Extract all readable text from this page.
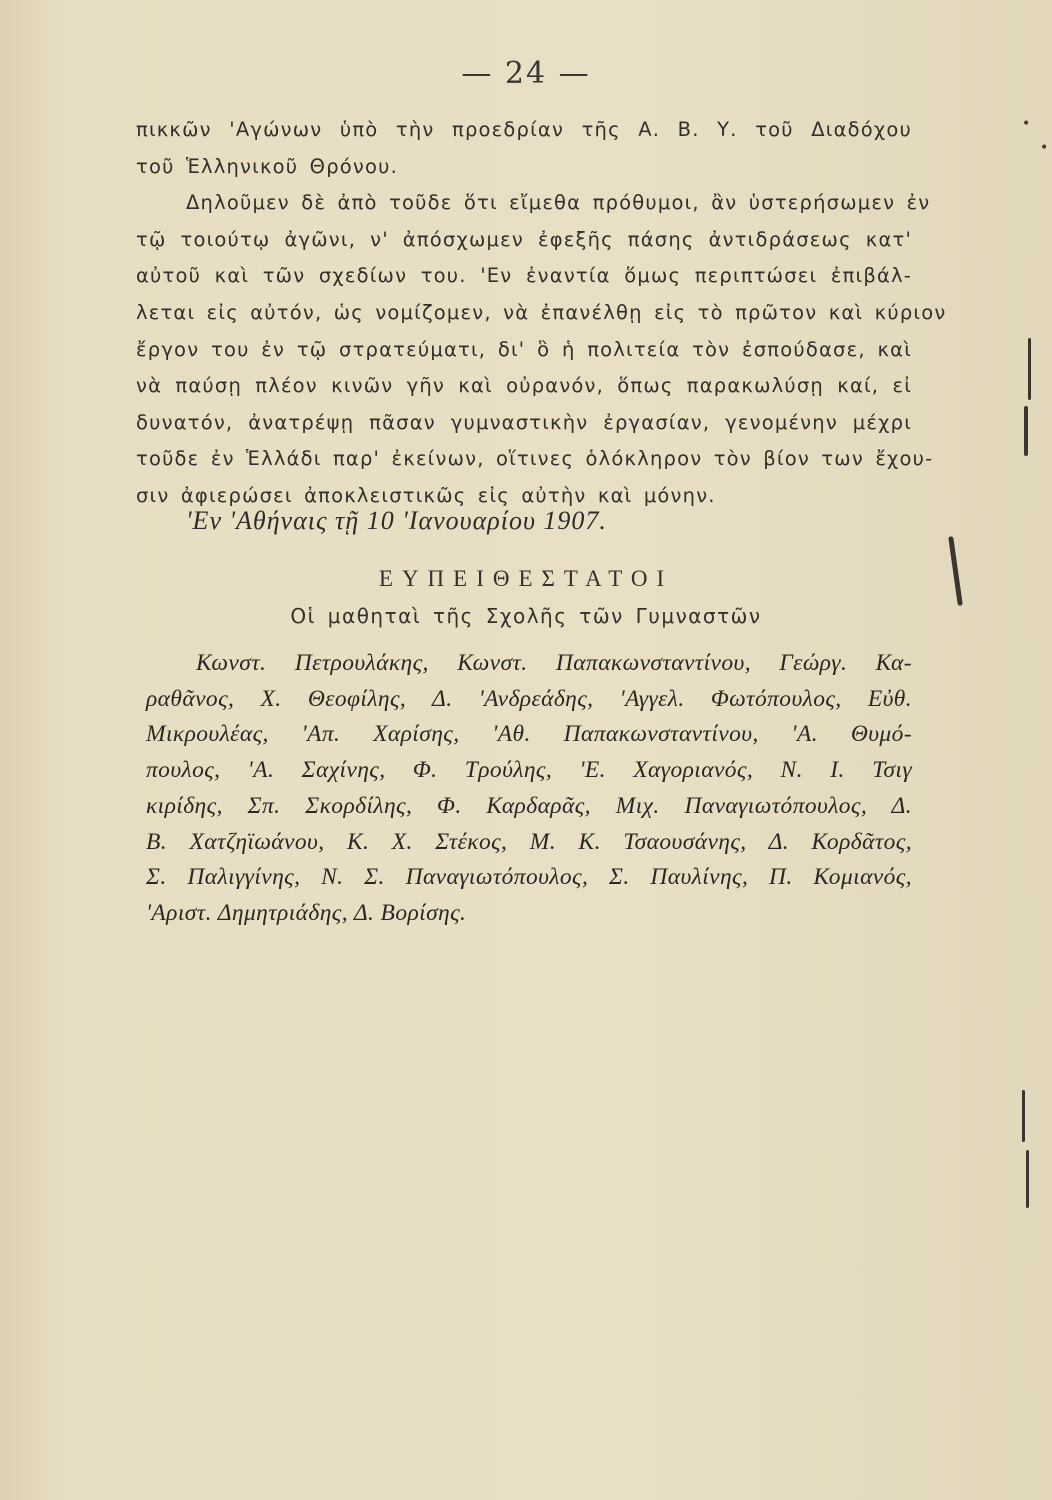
— 24 —
πικκῶν 'Αγώνων ὑπὸ τὴν προεδρίαν τῆς Α. Β. Υ. τοῦ Διαδόχου
τοῦ Ἑλληνικοῦ Θρόνου.
Δηλοῦμεν δὲ ἀπὸ τοῦδε ὅτι εἴμεθα πρόθυμοι, ἂν ὑστερήσωμεν ἐν
τῷ τοιούτῳ ἀγῶνι, ν' ἀπόσχωμεν ἐφεξῆς πάσης ἀντιδράσεως κατ'
αὐτοῦ καὶ τῶν σχεδίων του. 'Εν ἐναντία ὅμως περιπτώσει ἐπιβάλ-
λεται εἰς αὐτόν, ὡς νομίζομεν, νὰ ἐπανέλθῃ εἰς τὸ πρῶτον καὶ κύριον
ἔργον του ἐν τῷ στρατεύματι, δι' ὃ ἡ πολιτεία τὸν ἐσπούδασε, καὶ
νὰ παύσῃ πλέον κινῶν γῆν καὶ οὐρανόν, ὅπως παρακωλύσῃ καί, εἰ
δυνατόν, ἀνατρέψῃ πᾶσαν γυμναστικὴν ἐργασίαν, γενομένην μέχρι
τοῦδε ἐν Ἑλλάδι παρ' ἐκείνων, οἵτινες ὁλόκληρον τὸν βίον των ἔχου-
σιν ἀφιερώσει ἀποκλειστικῶς εἰς αὐτὴν καὶ μόνην.
'Εν 'Αθήναις τῇ 10 'Ιανουαρίου 1907.
ΕΥΠΕΙΘΕΣΤΑΤΟΙ
Οἱ μαθηταὶ τῆς Σχολῆς τῶν Γυμναστῶν
Κωνστ. Πετρουλάκης, Κωνστ. Παπακωνσταντίνου, Γεώργ. Κα-
ραθᾶνος, Χ. Θεοφίλης, Δ. 'Ανδρεάδης, 'Αγγελ. Φωτόπουλος, Εὐθ.
Μικρουλέας, 'Απ. Χαρίσης, 'Αθ. Παπακωνσταντίνου, 'Α. Θυμό-
πουλος, 'Α. Σαχίνης, Φ. Τρούλης, 'Ε. Χαγοριανός, Ν. Ι. Τσιγ
κιρίδης, Σπ. Σκορδίλης, Φ. Καρδαρᾶς, Μιχ. Παναγιωτόπουλος, Δ.
Β. Χατζηϊωάνου, Κ. Χ. Στέκος, Μ. Κ. Τσαουσάνης, Δ. Κορδᾶτος,
Σ. Παλιγγίνης, Ν. Σ. Παναγιωτόπουλος, Σ. Παυλίνης, Π. Κομιανός,
'Αριστ. Δημητριάδης, Δ. Βορίσης.
•
•
